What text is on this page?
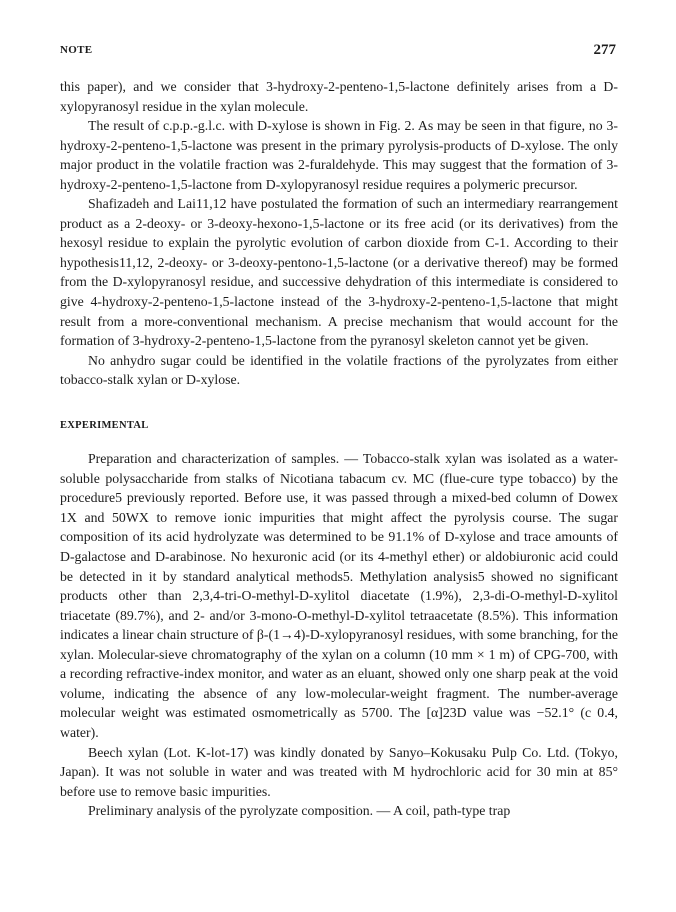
NOTE	277

this paper), and we consider that 3-hydroxy-2-penteno-1,5-lactone definitely arises from a D-xylopyranosyl residue in the xylan molecule.

The result of c.p.p.-g.l.c. with D-xylose is shown in Fig. 2. As may be seen in that figure, no 3-hydroxy-2-penteno-1,5-lactone was present in the primary pyrolysis-products of D-xylose. The only major product in the volatile fraction was 2-furaldehyde. This may suggest that the formation of 3-hydroxy-2-penteno-1,5-lactone from D-xylopyranosyl residue requires a polymeric precursor.

Shafizadeh and Lai11,12 have postulated the formation of such an intermediary rearrangement product as a 2-deoxy- or 3-deoxy-hexono-1,5-lactone or its free acid (or its derivatives) from the hexosyl residue to explain the pyrolytic evolution of carbon dioxide from C-1. According to their hypothesis11,12, 2-deoxy- or 3-deoxy-pentono-1,5-lactone (or a derivative thereof) may be formed from the D-xylopyranosyl residue, and successive dehydration of this intermediate is considered to give 4-hydroxy-2-penteno-1,5-lactone instead of the 3-hydroxy-2-penteno-1,5-lactone that might result from a more-conventional mechanism. A precise mechanism that would account for the formation of 3-hydroxy-2-penteno-1,5-lactone from the pyranosyl skeleton cannot yet be given.

No anhydro sugar could be identified in the volatile fractions of the pyrolyzates from either tobacco-stalk xylan or D-xylose.

EXPERIMENTAL

Preparation and characterization of samples. — Tobacco-stalk xylan was isolated as a water-soluble polysaccharide from stalks of Nicotiana tabacum cv. MC (flue-cure type tobacco) by the procedure5 previously reported. Before use, it was passed through a mixed-bed column of Dowex 1X and 50WX to remove ionic impurities that might affect the pyrolysis course. The sugar composition of its acid hydrolyzate was determined to be 91.1% of D-xylose and trace amounts of D-galactose and D-arabinose. No hexuronic acid (or its 4-methyl ether) or aldobiuronic acid could be detected in it by standard analytical methods5. Methylation analysis5 showed no significant products other than 2,3,4-tri-O-methyl-D-xylitol diacetate (1.9%), 2,3-di-O-methyl-D-xylitol triacetate (89.7%), and 2- and/or 3-mono-O-methyl-D-xylitol tetraacetate (8.5%). This information indicates a linear chain structure of β-(1→4)-D-xylopyranosyl residues, with some branching, for the xylan. Molecular-sieve chromatography of the xylan on a column (10 mm × 1 m) of CPG-700, with a recording refractive-index monitor, and water as an eluant, showed only one sharp peak at the void volume, indicating the absence of any low-molecular-weight fragment. The number-average molecular weight was estimated osmometrically as 5700. The [α]23D value was −52.1° (c 0.4, water).

Beech xylan (Lot. K-lot-17) was kindly donated by Sanyo–Kokusaku Pulp Co. Ltd. (Tokyo, Japan). It was not soluble in water and was treated with M hydrochloric acid for 30 min at 85° before use to remove basic impurities.

Preliminary analysis of the pyrolyzate composition. — A coil, path-type trap
